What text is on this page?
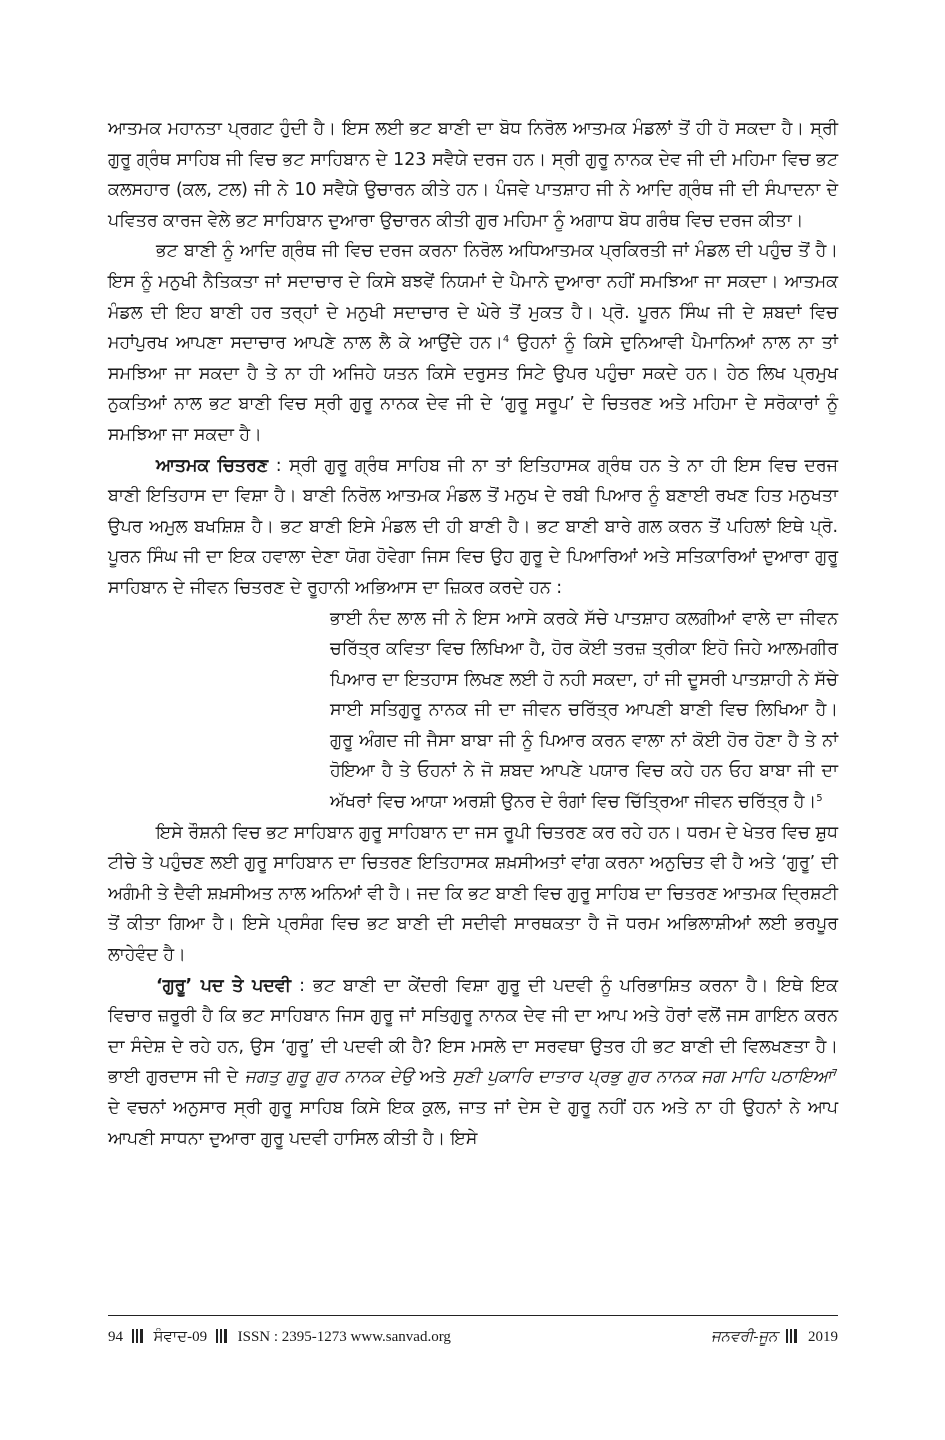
ਆਤਮਕ ਮਹਾਨਤਾ ਪ੍ਰਗਟ ਹੁੰਦੀ ਹੈ। ਇਸ ਲਈ ਭਟ ਬਾਣੀ ਦਾ ਬੋਧ ਨਿਰੋਲ ਆਤਮਕ ਮੰਡਲਾਂ ਤੋਂ ਹੀ ਹੋ ਸਕਦਾ ਹੈ। ਸ੍ਰੀ ਗੁਰੂ ਗ੍ਰੰਥ ਸਾਹਿਬ ਜੀ ਵਿਚ ਭਟ ਸਾਹਿਬਾਨ ਦੇ 123 ਸਵੈਯੇ ਦਰਜ ਹਨ। ਸ੍ਰੀ ਗੁਰੂ ਨਾਨਕ ਦੇਵ ਜੀ ਦੀ ਮਹਿਮਾ ਵਿਚ ਭਟ ਕਲਸਹਾਰ (ਕਲ, ਟਲ) ਜੀ ਨੇ 10 ਸਵੈਯੇ ਉਚਾਰਨ ਕੀਤੇ ਹਨ। ਪੰਜਵੇ ਪਾਤਸ਼ਾਹ ਜੀ ਨੇ ਆਦਿ ਗ੍ਰੰਥ ਜੀ ਦੀ ਸੰਪਾਦਨਾ ਦੇ ਪਵਿਤਰ ਕਾਰਜ ਵੇਲੇ ਭਟ ਸਾਹਿਬਾਨ ਦੁਆਰਾ ਉਚਾਰਨ ਕੀਤੀ ਗੁਰ ਮਹਿਮਾ ਨੂੰ ਅਗਾਧ ਬੋਧ ਗਰੰਥ ਵਿਚ ਦਰਜ ਕੀਤਾ।

ਭਟ ਬਾਣੀ ਨੂੰ ਆਦਿ ਗ੍ਰੰਥ ਜੀ ਵਿਚ ਦਰਜ ਕਰਨਾ ਨਿਰੋਲ ਅਧਿਆਤਮਕ ਪ੍ਰਕਿਰਤੀ ਜਾਂ ਮੰਡਲ ਦੀ ਪਹੁੰਚ ਤੋਂ ਹੈ। ਇਸ ਨੂੰ ਮਨੁਖੀ ਨੈਤਿਕਤਾ ਜਾਂ ਸਦਾਚਾਰ ਦੇ ਕਿਸੇ ਬਝਵੇਂ ਨਿਯਮਾਂ ਦੇ ਪੈਮਾਨੇ ਦੁਆਰਾ ਨਹੀਂ ਸਮਝਿਆ ਜਾ ਸਕਦਾ। ਆਤਮਕ ਮੰਡਲ ਦੀ ਇਹ ਬਾਣੀ ਹਰ ਤਰ੍ਹਾਂ ਦੇ ਮਨੁਖੀ ਸਦਾਚਾਰ ਦੇ ਘੇਰੇ ਤੋਂ ਮੁਕਤ ਹੈ। ਪ੍ਰੋ. ਪੂਰਨ ਸਿੰਘ ਜੀ ਦੇ ਸ਼ਬਦਾਂ ਵਿਚ ਮਹਾਂਪੁਰਖ ਆਪਣਾ ਸਦਾਚਾਰ ਆਪਣੇ ਨਾਲ ਲੈ ਕੇ ਆਉਂਦੇ ਹਨ।$^4$ ਉਹਨਾਂ ਨੂੰ ਕਿਸੇ ਦੁਨਿਆਵੀ ਪੈਮਾਨਿਆਂ ਨਾਲ ਨਾ ਤਾਂ ਸਮਝਿਆ ਜਾ ਸਕਦਾ ਹੈ ਤੇ ਨਾ ਹੀ ਅਜਿਹੇ ਯਤਨ ਕਿਸੇ ਦਰੁਸਤ ਸਿਟੇ ਉਪਰ ਪਹੁੰਚਾ ਸਕਦੇ ਹਨ। ਹੇਠ ਲਿਖ ਪ੍ਰਮੁਖ ਨੁਕਤਿਆਂ ਨਾਲ ਭਟ ਬਾਣੀ ਵਿਚ ਸ੍ਰੀ ਗੁਰੂ ਨਾਨਕ ਦੇਵ ਜੀ ਦੇ ‘ਗੁਰੂ ਸਰੂਪ’ ਦੇ ਚਿਤਰਣ ਅਤੇ ਮਹਿਮਾ ਦੇ ਸਰੋਕਾਰਾਂ ਨੂੰ ਸਮਝਿਆ ਜਾ ਸਕਦਾ ਹੈ।

ਆਤਮਕ ਚਿਤਰਣ : ਸ੍ਰੀ ਗੁਰੂ ਗ੍ਰੰਥ ਸਾਹਿਬ ਜੀ ਨਾ ਤਾਂ ਇਤਿਹਾਸਕ ਗ੍ਰੰਥ ਹਨ ਤੇ ਨਾ ਹੀ ਇਸ ਵਿਚ ਦਰਜ ਬਾਣੀ ਇਤਿਹਾਸ ਦਾ ਵਿਸ਼ਾ ਹੈ। ਬਾਣੀ ਨਿਰੋਲ ਆਤਮਕ ਮੰਡਲ ਤੋਂ ਮਨੁਖ ਦੇ ਰਬੀ ਪਿਆਰ ਨੂੰ ਬਣਾਈ ਰਖਣ ਹਿਤ ਮਨੁਖਤਾ ਉਪਰ ਅਮੁਲ ਬਖਸ਼ਿਸ਼ ਹੈ। ਭਟ ਬਾਣੀ ਇਸੇ ਮੰਡਲ ਦੀ ਹੀ ਬਾਣੀ ਹੈ। ਭਟ ਬਾਣੀ ਬਾਰੇ ਗਲ ਕਰਨ ਤੋਂ ਪਹਿਲਾਂ ਇਥੇ ਪ੍ਰੋ. ਪੂਰਨ ਸਿੰਘ ਜੀ ਦਾ ਇਕ ਹਵਾਲਾ ਦੇਣਾ ਯੋਗ ਹੋਵੇਗਾ ਜਿਸ ਵਿਚ ਉਹ ਗੁਰੂ ਦੇ ਪਿਆਰਿਆਂ ਅਤੇ ਸਤਿਕਾਰਿਆਂ ਦੁਆਰਾ ਗੁਰੂ ਸਾਹਿਬਾਨ ਦੇ ਜੀਵਨ ਚਿਤਰਣ ਦੇ ਰੂਹਾਨੀ ਅਭਿਆਸ ਦਾ ਜ਼ਿਕਰ ਕਰਦੇ ਹਨ :

ਭਾਈ ਨੰਦ ਲਾਲ ਜੀ ਨੇ ਇਸ ਆਸੇ ਕਰਕੇ ਸੱਚੇ ਪਾਤਸ਼ਾਹ ਕਲਗੀਆਂ ਵਾਲੇ ਦਾ ਜੀਵਨ ਚਰਿੱਤ੍ਰ ਕਵਿਤਾ ਵਿਚ ਲਿਖਿਆ ਹੈ, ਹੋਰ ਕੋਈ ਤਰਜ਼ ਤ੍ਰੀਕਾ ਇਹੋ ਜਿਹੇ ਆਲਮਗੀਰ ਪਿਆਰ ਦਾ ਇਤਹਾਸ ਲਿਖਣ ਲਈ ਹੋ ਨਹੀ ਸਕਦਾ, ਹਾਂ ਜੀ ਦੂਸਰੀ ਪਾਤਸ਼ਾਹੀ ਨੇ ਸੱਚੇ ਸਾਈ ਸਤਿਗੁਰੂ ਨਾਨਕ ਜੀ ਦਾ ਜੀਵਨ ਚਰਿੱਤ੍ਰ ਆਪਣੀ ਬਾਣੀ ਵਿਚ ਲਿਖਿਆ ਹੈ। ਗੁਰੂ ਅੰਗਦ ਜੀ ਜੈਸਾ ਬਾਬਾ ਜੀ ਨੂੰ ਪਿਆਰ ਕਰਨ ਵਾਲਾ ਨਾਂ ਕੋਈ ਹੋਰ ਹੋਣਾ ਹੈ ਤੇ ਨਾਂ ਹੋਇਆ ਹੈ ਤੇ ਓਹਨਾਂ ਨੇ ਜੋ ਸ਼ਬਦ ਆਪਣੇ ਪਯਾਰ ਵਿਚ ਕਹੇ ਹਨ ਓਹ ਬਾਬਾ ਜੀ ਦਾ ਅੱਖਰਾਂ ਵਿਚ ਆਯਾ ਅਰਸ਼ੀ ਉਨਰ ਦੇ ਰੰਗਾਂ ਵਿਚ ਚਿੱਤ੍ਰਿਆ ਜੀਵਨ ਚਰਿੱਤ੍ਰ ਹੈ।$^5$

ਇਸੇ ਰੌਸ਼ਨੀ ਵਿਚ ਭਟ ਸਾਹਿਬਾਨ ਗੁਰੂ ਸਾਹਿਬਾਨ ਦਾ ਜਸ ਰੂਪੀ ਚਿਤਰਣ ਕਰ ਰਹੇ ਹਨ। ਧਰਮ ਦੇ ਖੇਤਰ ਵਿਚ ਸ਼ੁਧ ਟੀਚੇ ਤੇ ਪਹੁੰਚਣ ਲਈ ਗੁਰੂ ਸਾਹਿਬਾਨ ਦਾ ਚਿਤਰਣ ਇਤਿਹਾਸਕ ਸ਼ਖ਼ਸੀਅਤਾਂ ਵਾਂਗ ਕਰਨਾ ਅਨੁਚਿਤ ਵੀ ਹੈ ਅਤੇ ‘ਗੁਰੂ’ ਦੀ ਅਗੰਮੀ ਤੇ ਦੈਵੀ ਸ਼ਖ਼ਸੀਅਤ ਨਾਲ ਅਨਿਆਂ ਵੀ ਹੈ। ਜਦ ਕਿ ਭਟ ਬਾਣੀ ਵਿਚ ਗੁਰੂ ਸਾਹਿਬ ਦਾ ਚਿਤਰਣ ਆਤਮਕ ਦ੍ਰਿਸ਼ਟੀ ਤੋਂ ਕੀਤਾ ਗਿਆ ਹੈ। ਇਸੇ ਪ੍ਰਸੰਗ ਵਿਚ ਭਟ ਬਾਣੀ ਦੀ ਸਦੀਵੀ ਸਾਰਥਕਤਾ ਹੈ ਜੋ ਧਰਮ ਅਭਿਲਾਸ਼ੀਆਂ ਲਈ ਭਰਪੂਰ ਲਾਹੇਵੰਦ ਹੈ।

‘ਗੁਰੂ’ ਪਦ ਤੇ ਪਦਵੀ : ਭਟ ਬਾਣੀ ਦਾ ਕੇਂਦਰੀ ਵਿਸ਼ਾ ਗੁਰੂ ਦੀ ਪਦਵੀ ਨੂੰ ਪਰਿਭਾਸ਼ਿਤ ਕਰਨਾ ਹੈ। ਇਥੇ ਇਕ ਵਿਚਾਰ ਜ਼ਰੂਰੀ ਹੈ ਕਿ ਭਟ ਸਾਹਿਬਾਨ ਜਿਸ ਗੁਰੂ ਜਾਂ ਸਤਿਗੁਰੂ ਨਾਨਕ ਦੇਵ ਜੀ ਦਾ ਆਪ ਅਤੇ ਹੋਰਾਂ ਵਲੋਂ ਜਸ ਗਾਇਨ ਕਰਨ ਦਾ ਸੰਦੇਸ਼ ਦੇ ਰਹੇ ਹਨ, ਉਸ ‘ਗੁਰੂ’ ਦੀ ਪਦਵੀ ਕੀ ਹੈ? ਇਸ ਮਸਲੇ ਦਾ ਸਰਵਥਾ ਉਤਰ ਹੀ ਭਟ ਬਾਣੀ ਦੀ ਵਿਲਖਣਤਾ ਹੈ। ਭਾਈ ਗੁਰਦਾਸ ਜੀ ਦੇ ਜਗਤੁ ਗੁਰੂ ਗੁਰ ਨਾਨਕ ਦੇਉ ਅਤੇ ਸੁਣੀ ਪੁਕਾਰਿ ਦਾਤਾਰ ਪ੍ਰਭੁ ਗੁਰ ਨਾਨਕ ਜਗ ਮਾਹਿ ਪਠਾਇਆ$^7$ ਦੇ ਵਚਨਾਂ ਅਨੁਸਾਰ ਸ੍ਰੀ ਗੁਰੂ ਸਾਹਿਬ ਕਿਸੇ ਇਕ ਕੁਲ, ਜਾਤ ਜਾਂ ਦੇਸ ਦੇ ਗੁਰੂ ਨਹੀਂ ਹਨ ਅਤੇ ਨਾ ਹੀ ਉਹਨਾਂ ਨੇ ਆਪ ਆਪਣੀ ਸਾਧਨਾ ਦੁਆਰਾ ਗੁਰੂ ਪਦਵੀ ਹਾਸਿਲ ਕੀਤੀ ਹੈ। ਇਸੇ

94 ਸੰਵਾਦ-09 ISSN : 2395-1273 www.sanvad.org	ਜਨਵਰੀ-ਜੂਨ 2019
